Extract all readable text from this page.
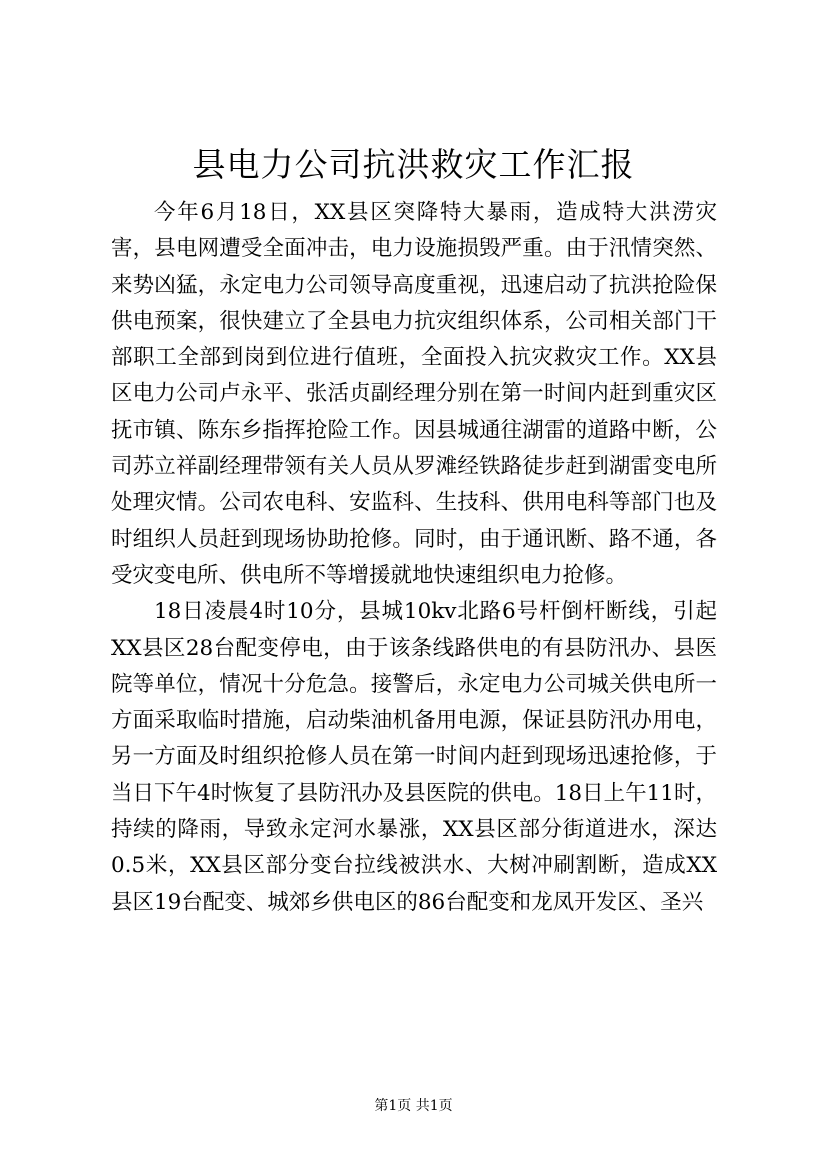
县电力公司抗洪救灾工作汇报

今年6月18日，XX县区突降特大暴雨，造成特大洪涝灾害，县电网遭受全面冲击，电力设施损毁严重。由于汛情突然、来势凶猛，永定电力公司领导高度重视，迅速启动了抗洪抢险保供电预案，很快建立了全县电力抗灾组织体系，公司相关部门干部职工全部到岗到位进行值班，全面投入抗灾救灾工作。XX县区电力公司卢永平、张活贞副经理分别在第一时间内赶到重灾区抚市镇、陈东乡指挥抢险工作。因县城通往湖雷的道路中断，公司苏立祥副经理带领有关人员从罗滩经铁路徒步赶到湖雷变电所处理灾情。公司农电科、安监科、生技科、供用电科等部门也及时组织人员赶到现场协助抢修。同时，由于通讯断、路不通，各受灾变电所、供电所不等增援就地快速组织电力抢修。

18日凌晨4时10分，县城10kv北路6号杆倒杆断线，引起XX县区28台配变停电，由于该条线路供电的有县防汛办、县医院等单位，情况十分危急。接警后，永定电力公司城关供电所一方面采取临时措施，启动柴油机备用电源，保证县防汛办用电，另一方面及时组织抢修人员在第一时间内赶到现场迅速抢修，于当日下午4时恢复了县防汛办及县医院的供电。18日上午11时，持续的降雨，导致永定河水暴涨，XX县区部分街道进水，深达0.5米，XX县区部分变台拉线被洪水、大树冲刷割断，造成XX县区19台配变、城郊乡供电区的86台配变和龙凤开发区、圣兴

第1页 共1页
